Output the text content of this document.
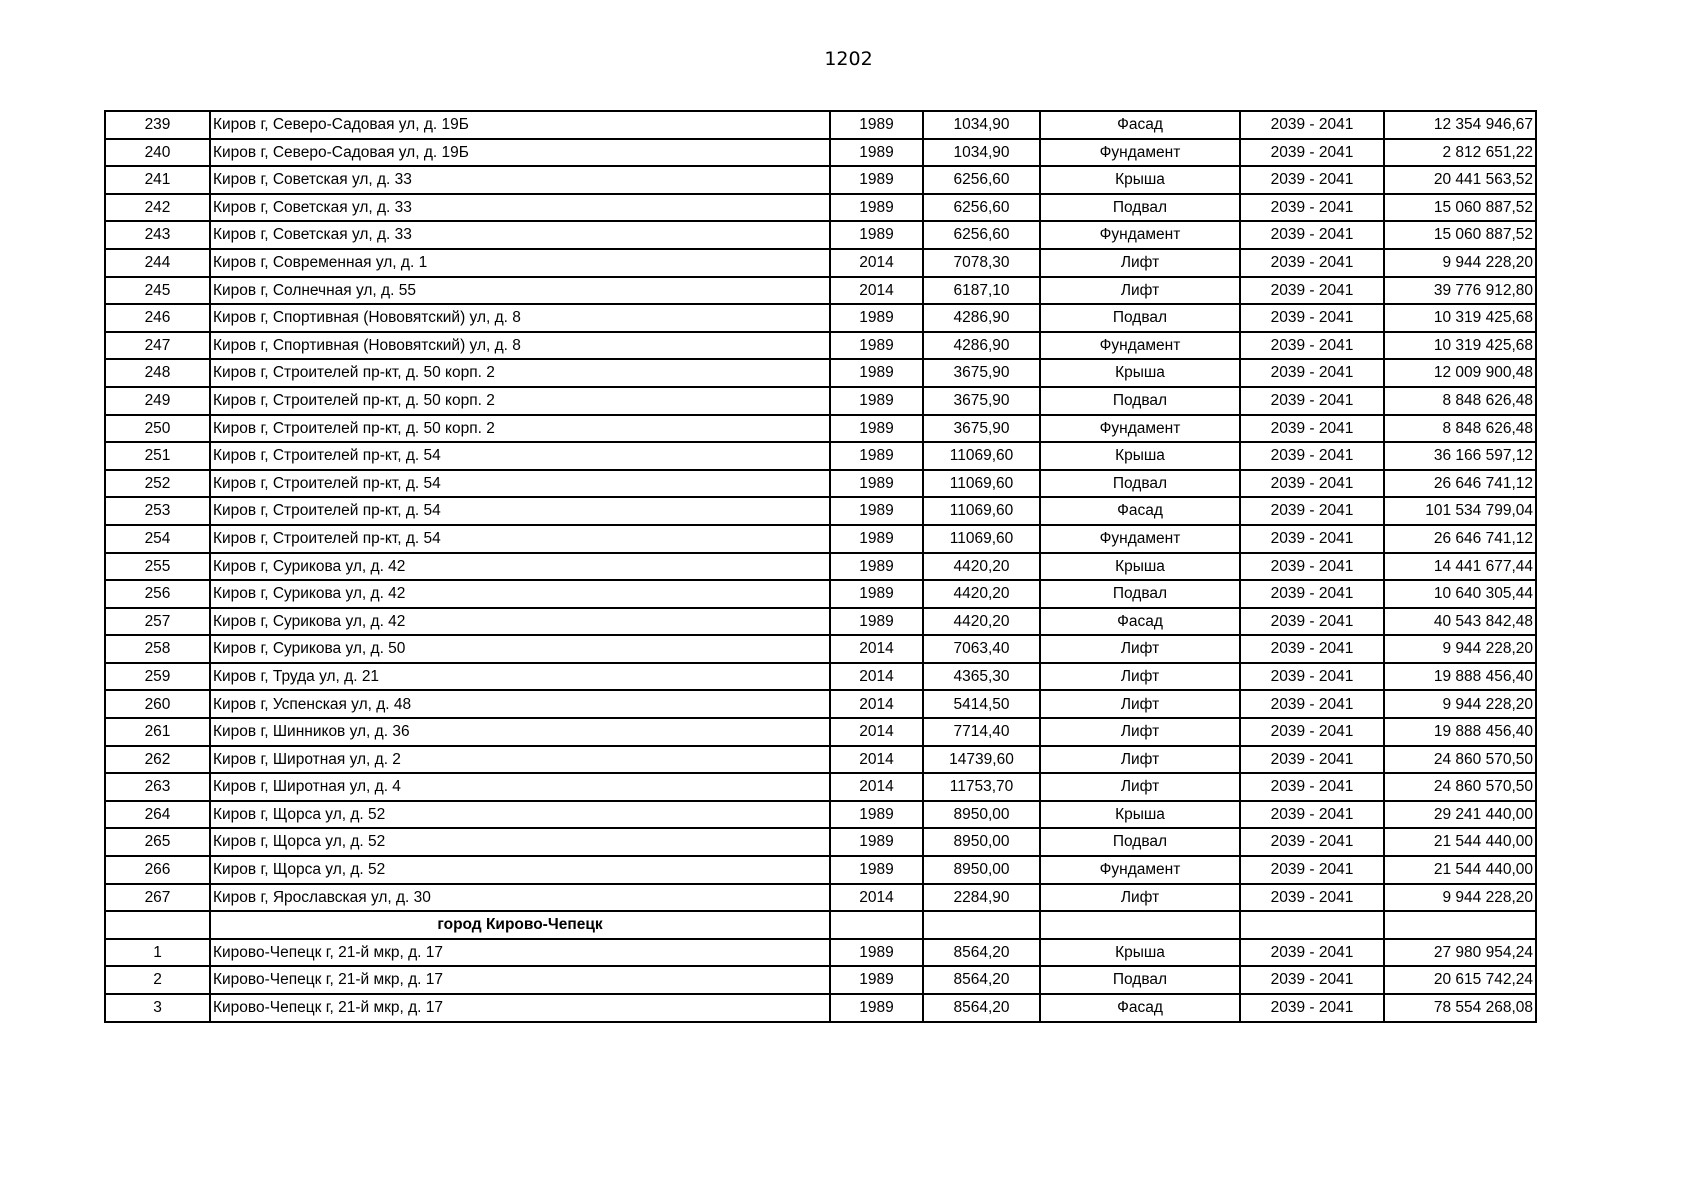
1202
239	Киров г, Северо-Садовая ул, д. 19Б	1989	1034,90	Фасад	2039 - 2041	12 354 946,67
240	Киров г, Северо-Садовая ул, д. 19Б	1989	1034,90	Фундамент	2039 - 2041	2 812 651,22
241	Киров г, Советская ул, д. 33	1989	6256,60	Крыша	2039 - 2041	20 441 563,52
242	Киров г, Советская ул, д. 33	1989	6256,60	Подвал	2039 - 2041	15 060 887,52
243	Киров г, Советская ул, д. 33	1989	6256,60	Фундамент	2039 - 2041	15 060 887,52
244	Киров г, Современная ул, д. 1	2014	7078,30	Лифт	2039 - 2041	9 944 228,20
245	Киров г, Солнечная ул, д. 55	2014	6187,10	Лифт	2039 - 2041	39 776 912,80
246	Киров г, Спортивная (Нововятский) ул, д. 8	1989	4286,90	Подвал	2039 - 2041	10 319 425,68
247	Киров г, Спортивная (Нововятский) ул, д. 8	1989	4286,90	Фундамент	2039 - 2041	10 319 425,68
248	Киров г, Строителей пр-кт, д. 50 корп. 2	1989	3675,90	Крыша	2039 - 2041	12 009 900,48
249	Киров г, Строителей пр-кт, д. 50 корп. 2	1989	3675,90	Подвал	2039 - 2041	8 848 626,48
250	Киров г, Строителей пр-кт, д. 50 корп. 2	1989	3675,90	Фундамент	2039 - 2041	8 848 626,48
251	Киров г, Строителей пр-кт, д. 54	1989	11069,60	Крыша	2039 - 2041	36 166 597,12
252	Киров г, Строителей пр-кт, д. 54	1989	11069,60	Подвал	2039 - 2041	26 646 741,12
253	Киров г, Строителей пр-кт, д. 54	1989	11069,60	Фасад	2039 - 2041	101 534 799,04
254	Киров г, Строителей пр-кт, д. 54	1989	11069,60	Фундамент	2039 - 2041	26 646 741,12
255	Киров г, Сурикова ул, д. 42	1989	4420,20	Крыша	2039 - 2041	14 441 677,44
256	Киров г, Сурикова ул, д. 42	1989	4420,20	Подвал	2039 - 2041	10 640 305,44
257	Киров г, Сурикова ул, д. 42	1989	4420,20	Фасад	2039 - 2041	40 543 842,48
258	Киров г, Сурикова ул, д. 50	2014	7063,40	Лифт	2039 - 2041	9 944 228,20
259	Киров г, Труда ул, д. 21	2014	4365,30	Лифт	2039 - 2041	19 888 456,40
260	Киров г, Успенская ул, д. 48	2014	5414,50	Лифт	2039 - 2041	9 944 228,20
261	Киров г, Шинников ул, д. 36	2014	7714,40	Лифт	2039 - 2041	19 888 456,40
262	Киров г, Широтная ул, д. 2	2014	14739,60	Лифт	2039 - 2041	24 860 570,50
263	Киров г, Широтная ул, д. 4	2014	11753,70	Лифт	2039 - 2041	24 860 570,50
264	Киров г, Щорса ул, д. 52	1989	8950,00	Крыша	2039 - 2041	29 241 440,00
265	Киров г, Щорса ул, д. 52	1989	8950,00	Подвал	2039 - 2041	21 544 440,00
266	Киров г, Щорса ул, д. 52	1989	8950,00	Фундамент	2039 - 2041	21 544 440,00
267	Киров г, Ярославская ул, д. 30	2014	2284,90	Лифт	2039 - 2041	9 944 228,20
	город Кирово-Чепецк					
1	Кирово-Чепецк г, 21-й мкр, д. 17	1989	8564,20	Крыша	2039 - 2041	27 980 954,24
2	Кирово-Чепецк г, 21-й мкр, д. 17	1989	8564,20	Подвал	2039 - 2041	20 615 742,24
3	Кирово-Чепецк г, 21-й мкр, д. 17	1989	8564,20	Фасад	2039 - 2041	78 554 268,08
